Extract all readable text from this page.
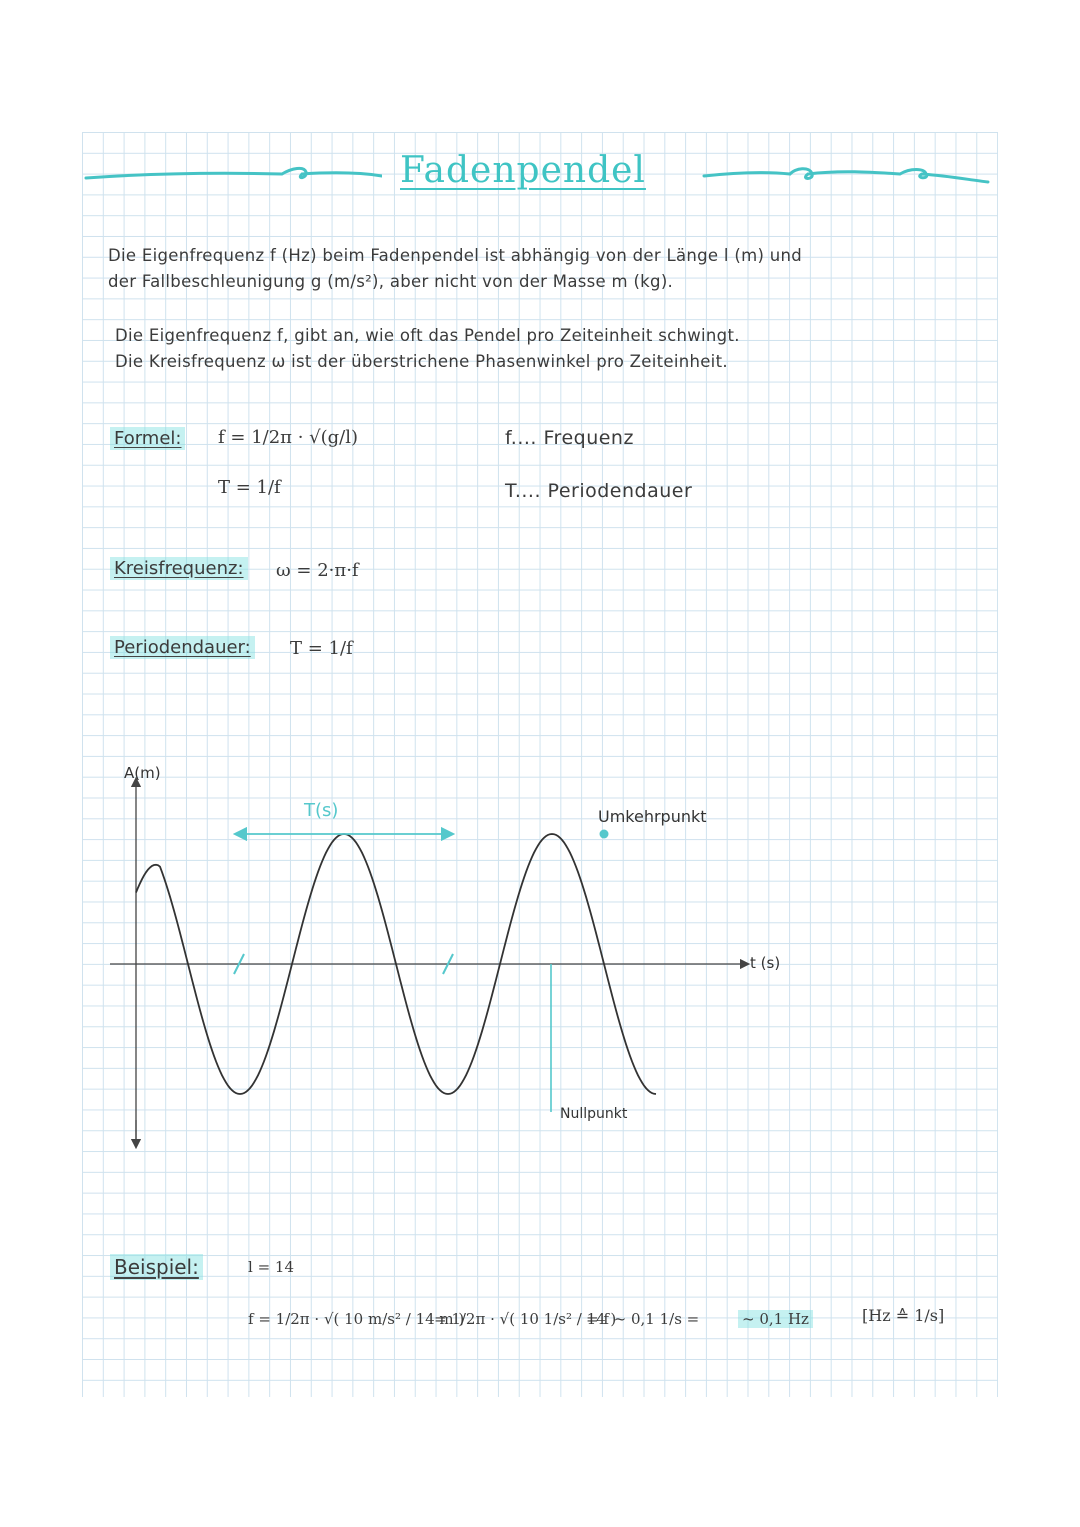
Fadenpendel
Die Eigenfrequenz f (Hz) beim Fadenpendel ist abhängig von der Länge l (m) und
der Fallbeschleunigung g (m/s²), aber nicht von der Masse m (kg).
Die Eigenfrequenz f, gibt an, wie oft das Pendel pro Zeiteinheit schwingt.
Die Kreisfrequenz ω ist der überstrichene Phasenwinkel pro Zeiteinheit.
Formel: f = 1/2π · √(g/l)
T = 1/f
f.... Frequenz
T.... Periodendauer
Kreisfrequenz: ω = 2·π·f
Periodendauer: T = 1/f
A(m)
t (s)
T(s)	Umkehrpunkt
Nullpunkt
Beispiel:	l = 14
f = 1/2π · √( 10 m/s² / 14 m )
= 1/2π · √( 10 1/s² / 14 )
= f ~ 0,1 1/s =	~ 0,1 Hz	[Hz ≙ 1/s]
